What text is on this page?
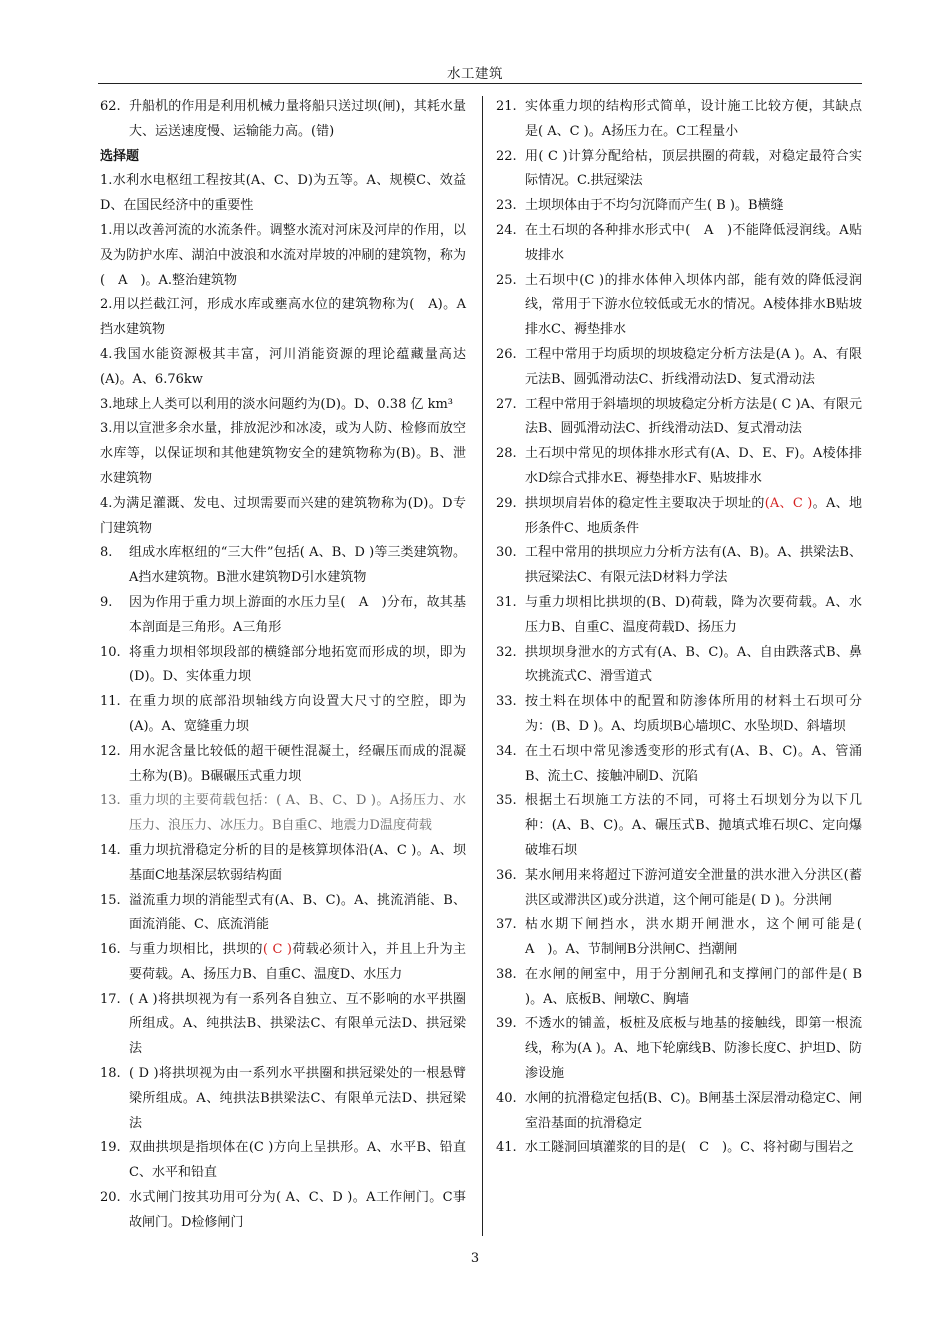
水工建筑
62. 升船机的作用是利用机械力量将船只送过坝(闸)，其耗水量大、运送速度慢、运输能力高。(错)
选择题
1.水利水电枢纽工程按其(A、C、D)为五等。A、规模C、效益D、在国民经济中的重要性
1.用以改善河流的水流条件。调整水流对河床及河岸的作用，以及为防护水库、湖泊中波浪和水流对岸坡的冲刷的建筑物，称为(　A　)。A.整治建筑物
2.用以拦截江河，形成水库或壅高水位的建筑物称为(　A)。A挡水建筑物
4.我国水能资源极其丰富，河川消能资源的理论蕴藏量高达(A)。A、6.76kw
3.地球上人类可以利用的淡水问题约为(D)。D、0.38 亿 km³
3.用以宣泄多余水量，排放泥沙和冰凌，或为人防、检修而放空水库等，以保证坝和其他建筑物安全的建筑物称为(B)。B、泄水建筑物
4.为满足灌溉、发电、过坝需要而兴建的建筑物称为(D)。D专门建筑物
8. 组成水库枢纽的“三大件”包括( A、B、D )等三类建筑物。A挡水建筑物。B泄水建筑物D引水建筑物
9. 因为作用于重力坝上游面的水压力呈(　A　)分布，故其基本剖面是三角形。A三角形
10. 将重力坝相邻坝段部的横缝部分地拓宽而形成的坝，即为(D)。D、实体重力坝
11. 在重力坝的底部沿坝轴线方向设置大尺寸的空腔，即为(A)。A、宽缝重力坝
12. 用水泥含量比较低的超干硬性混凝土，经碾压而成的混凝土称为(B)。B碾碾压式重力坝
13. 重力坝的主要荷载包括：( A、B、C、D )。A扬压力、水压力、浪压力、冰压力。B自重C、地震力D温度荷载
14. 重力坝抗滑稳定分析的目的是核算坝体沿(A、C )。A、坝基面C地基深层软弱结构面
15. 溢流重力坝的消能型式有(A、B、C)。A、挑流消能、B、面流消能、C、底流消能
16. 与重力坝相比，拱坝的( C )荷载必须计入，并且上升为主要荷载。A、扬压力B、自重C、温度D、水压力
17. ( A )将拱坝视为有一系列各自独立、互不影响的水平拱圈所组成。A、纯拱法B、拱梁法C、有限单元法D、拱冠梁法
18. ( D )将拱坝视为由一系列水平拱圈和拱冠梁处的一根悬臂梁所组成。A、纯拱法B拱梁法C、有限单元法D、拱冠梁法
19. 双曲拱坝是指坝体在(C )方向上呈拱形。A、水平B、铅直C、水平和铅直
20. 水式闸门按其功用可分为( A、C、D )。A工作闸门。C事故闸门。D检修闸门
21. 实体重力坝的结构形式简单，设计施工比较方便，其缺点是( A、C )。A扬压力在。C工程量小
22. 用( C )计算分配给枯，顶层拱圈的荷载，对稳定最符合实际情况。C.拱冠梁法
23. 土坝坝体由于不均匀沉降而产生( B )。B横缝
24. 在土石坝的各种排水形式中(　A　)不能降低浸润线。A贴坡排水
25. 土石坝中(C )的排水体伸入坝体内部，能有效的降低浸润线，常用于下游水位较低或无水的情况。A棱体排水B贴坡排水C、褥垫排水
26. 工程中常用于均质坝的坝坡稳定分析方法是(A )。A、有限元法B、圆弧滑动法C、折线滑动法D、复式滑动法
27. 工程中常用于斜墙坝的坝坡稳定分析方法是( C )A、有限元法B、圆弧滑动法C、折线滑动法D、复式滑动法
28. 土石坝中常见的坝体排水形式有(A、D、E、F)。A棱体排水D综合式排水E、褥垫排水F、贴坡排水
29. 拱坝坝肩岩体的稳定性主要取决于坝址的(A、C )。A、地形条件C、地质条件
30. 工程中常用的拱坝应力分析方法有(A、B)。A、拱梁法B、拱冠梁法C、有限元法D材料力学法
31. 与重力坝相比拱坝的(B、D)荷载，降为次要荷载。A、水压力B、自重C、温度荷载D、扬压力
32. 拱坝坝身泄水的方式有(A、B、C)。A、自由跌落式B、鼻坎挑流式C、滑雪道式
33. 按土料在坝体中的配置和防渗体所用的材料土石坝可分为：(B、D )。A、均质坝B心墙坝C、水坠坝D、斜墙坝
34. 在土石坝中常见渗透变形的形式有(A、B、C)。A、管涌B、流土C、接触冲刷D、沉陷
35. 根据土石坝施工方法的不同，可将土石坝划分为以下几种：(A、B、C)。A、碾压式B、抛填式堆石坝C、定向爆破堆石坝
36. 某水闸用来将超过下游河道安全泄量的洪水泄入分洪区(蓄洪区或滞洪区)或分洪道，这个闸可能是( D )。分洪闸
37. 枯水期下闸挡水，洪水期开闸泄水，这个闸可能是(　A　)。A、节制闸B分洪闸C、挡潮闸
38. 在水闸的闸室中，用于分割闸孔和支撑闸门的部件是( B )。A、底板B、闸墩C、胸墙
39. 不透水的铺盖，板桩及底板与地基的接触线，即第一根流线，称为(A )。A、地下轮廓线B、防渗长度C、护坦D、防渗设施
40. 水闸的抗滑稳定包括(B、C)。B闸基土深层滑动稳定C、闸室沿基面的抗滑稳定
41. 水工隧洞回填灌浆的目的是(　C　)。C、将衬砌与围岩之
3
